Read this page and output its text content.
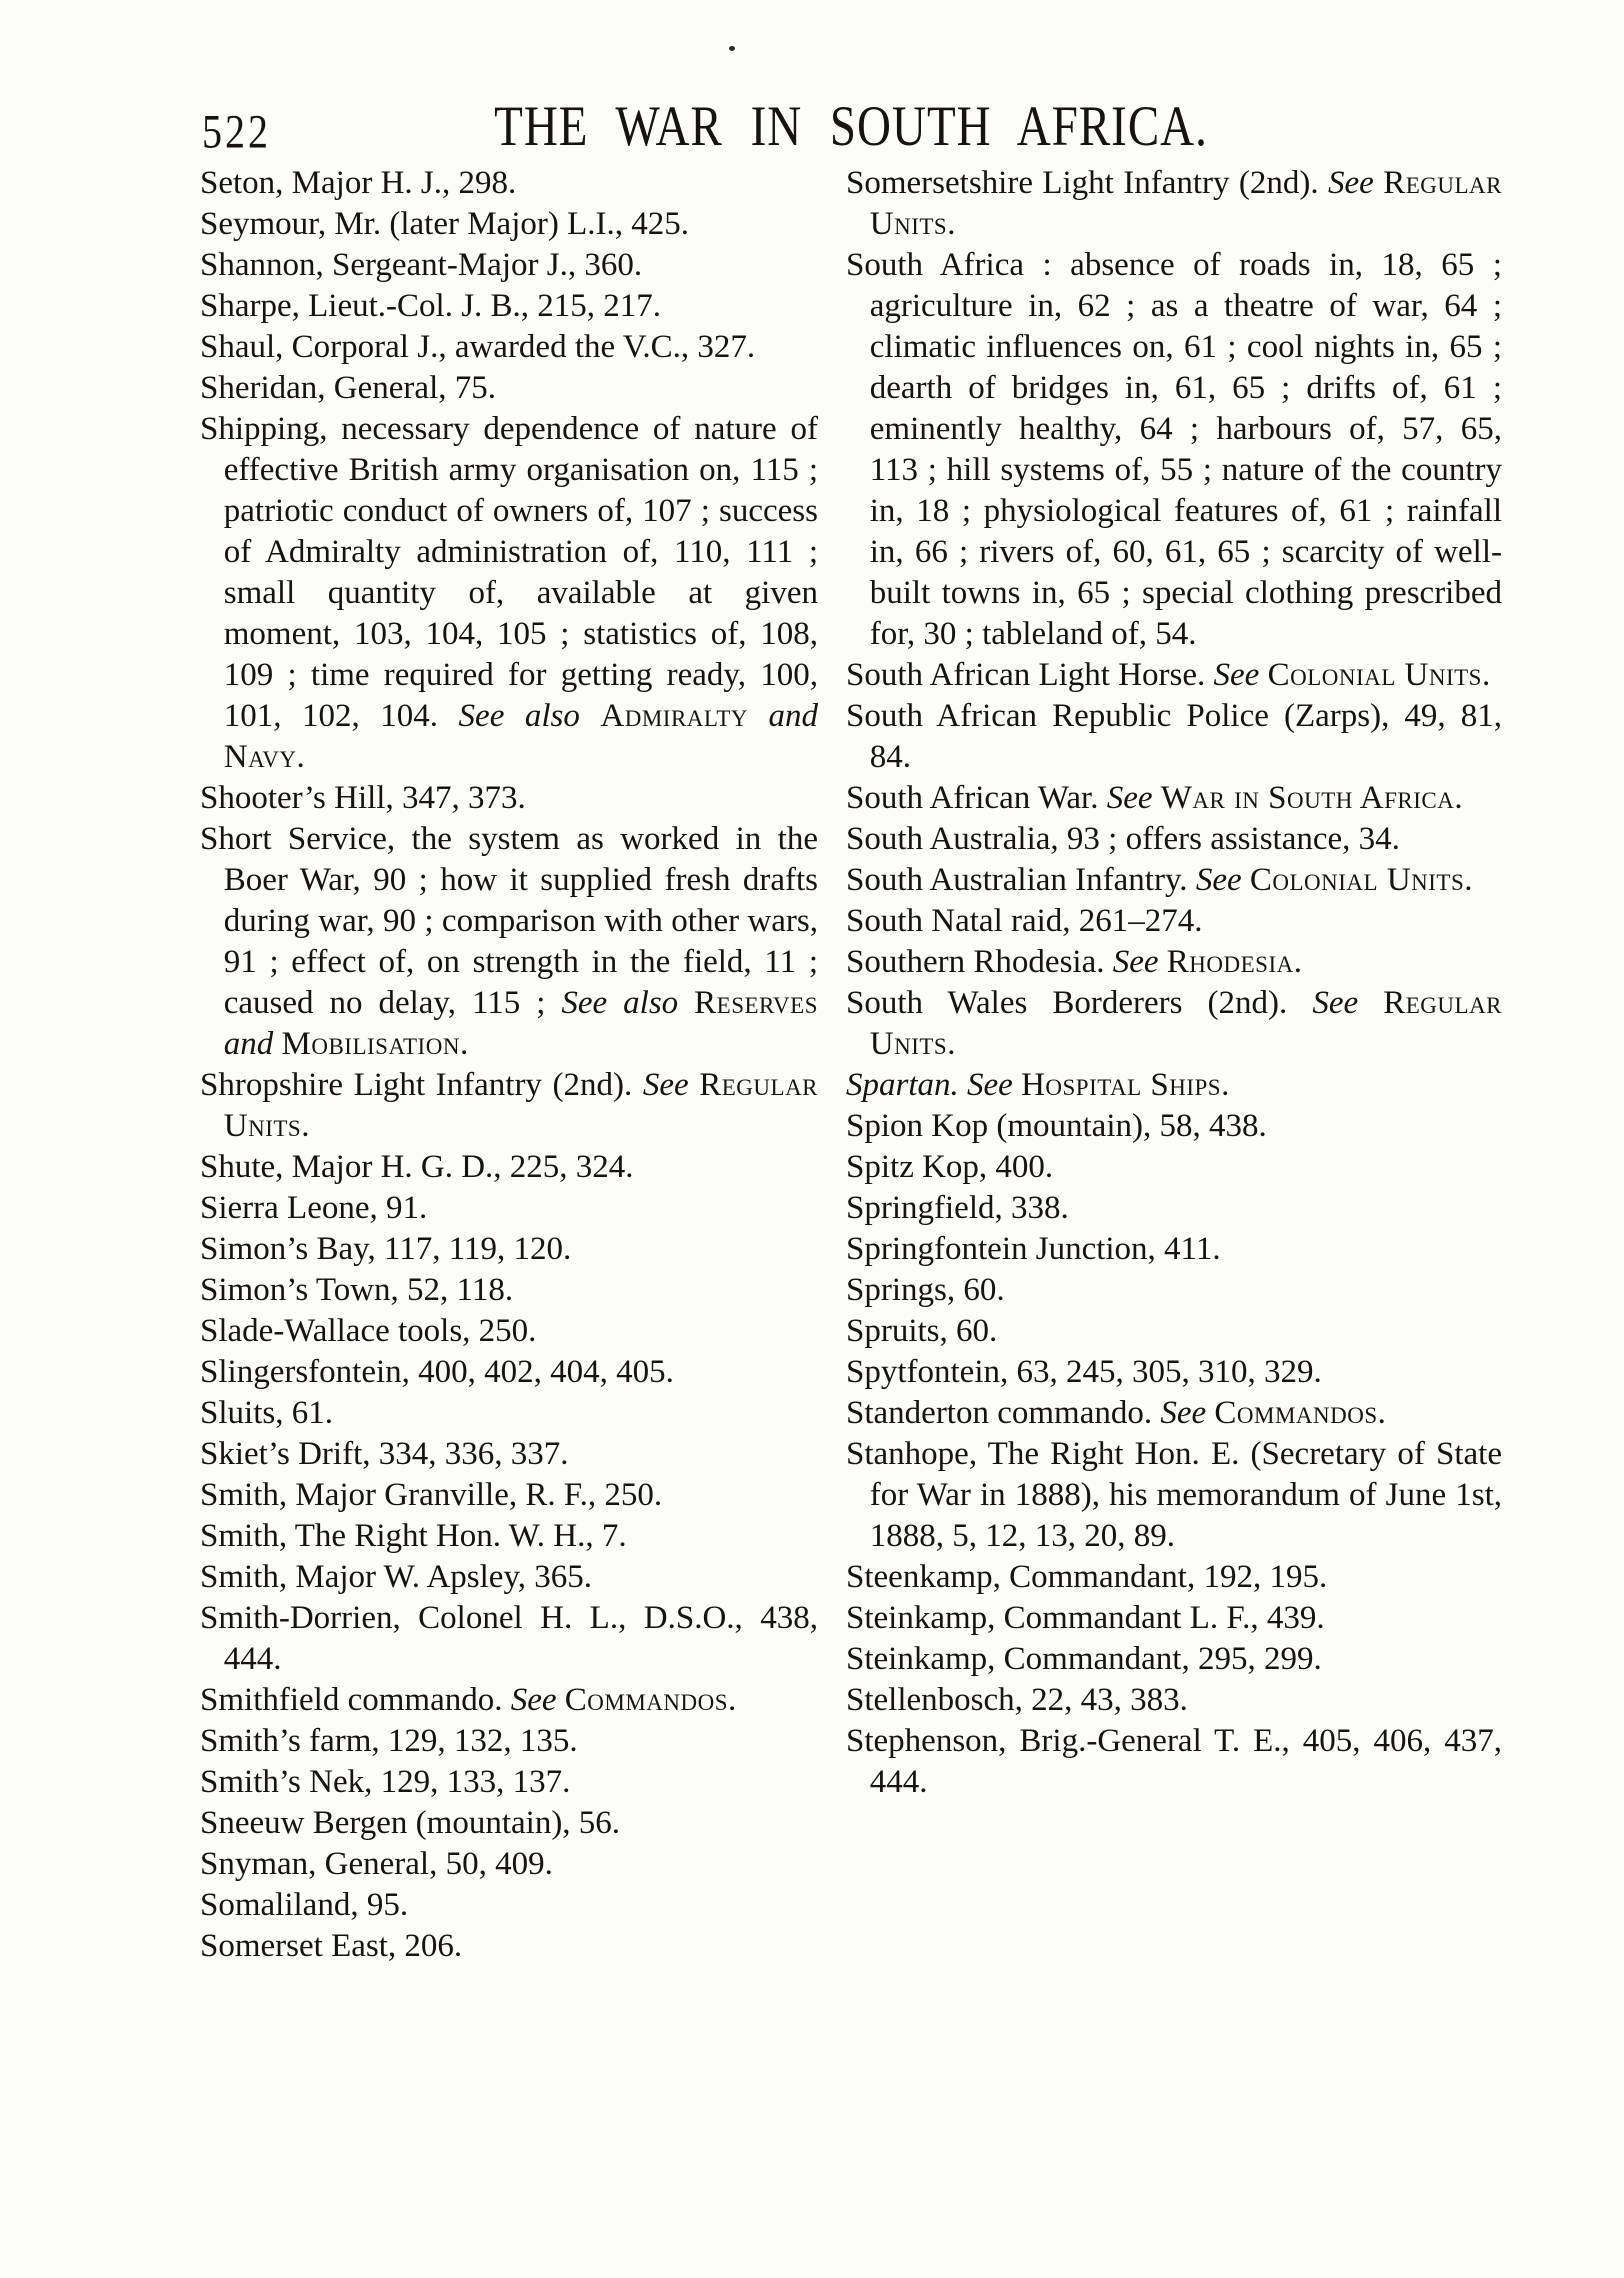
522	THE WAR IN SOUTH AFRICA.
Seton, Major H. J., 298.
Seymour, Mr. (later Major) L.I., 425.
Shannon, Sergeant-Major J., 360.
Sharpe, Lieut.-Col. J. B., 215, 217.
Shaul, Corporal J., awarded the V.C., 327.
Sheridan, General, 75.
Shipping, necessary dependence of nature of effective British army organisation on, 115 ; patriotic conduct of owners of, 107 ; success of Admiralty administration of, 110, 111 ; small quantity of, available at given moment, 103, 104, 105 ; statistics of, 108, 109 ; time required for getting ready, 100, 101, 102, 104. See also Admiralty and Navy.
Shooter’s Hill, 347, 373.
Short Service, the system as worked in the Boer War, 90 ; how it supplied fresh drafts during war, 90 ; comparison with other wars, 91 ; effect of, on strength in the field, 11 ; caused no delay, 115 ; See also Reserves and Mobilisation.
Shropshire Light Infantry (2nd). See Regular Units.
Shute, Major H. G. D., 225, 324.
Sierra Leone, 91.
Simon’s Bay, 117, 119, 120.
Simon’s Town, 52, 118.
Slade-Wallace tools, 250.
Slingersfontein, 400, 402, 404, 405.
Sluits, 61.
Skiet’s Drift, 334, 336, 337.
Smith, Major Granville, R. F., 250.
Smith, The Right Hon. W. H., 7.
Smith, Major W. Apsley, 365.
Smith-Dorrien, Colonel H. L., D.S.O., 438, 444.
Smithfield commando. See Commandos.
Smith’s farm, 129, 132, 135.
Smith’s Nek, 129, 133, 137.
Sneeuw Bergen (mountain), 56.
Snyman, General, 50, 409.
Somaliland, 95.
Somerset East, 206.
Somersetshire Light Infantry (2nd). See Regular Units.
South Africa : absence of roads in, 18, 65 ; agriculture in, 62 ; as a theatre of war, 64 ; climatic influences on, 61 ; cool nights in, 65 ; dearth of bridges in, 61, 65 ; drifts of, 61 ; eminently healthy, 64 ; harbours of, 57, 65, 113 ; hill systems of, 55 ; nature of the country in, 18 ; physiological features of, 61 ; rainfall in, 66 ; rivers of, 60, 61, 65 ; scarcity of well-built towns in, 65 ; special clothing prescribed for, 30 ; tableland of, 54.
South African Light Horse. See Colonial Units.
South African Republic Police (Zarps), 49, 81, 84.
South African War. See War in South Africa.
South Australia, 93 ; offers assistance, 34.
South Australian Infantry. See Colonial Units.
South Natal raid, 261–274.
Southern Rhodesia. See Rhodesia.
South Wales Borderers (2nd). See Regular Units.
Spartan. See Hospital Ships.
Spion Kop (mountain), 58, 438.
Spitz Kop, 400.
Springfield, 338.
Springfontein Junction, 411.
Springs, 60.
Spruits, 60.
Spytfontein, 63, 245, 305, 310, 329.
Standerton commando. See Commandos.
Stanhope, The Right Hon. E. (Secretary of State for War in 1888), his memorandum of June 1st, 1888, 5, 12, 13, 20, 89.
Steenkamp, Commandant, 192, 195.
Steinkamp, Commandant L. F., 439.
Steinkamp, Commandant, 295, 299.
Stellenbosch, 22, 43, 383.
Stephenson, Brig.-General T. E., 405, 406, 437, 444.
